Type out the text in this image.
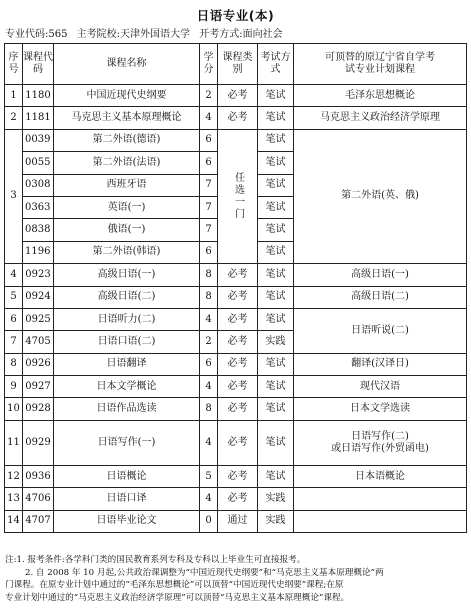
日语专业(本)
专业代码:565 主考院校:天津外国语大学 开考方式:面向社会
序号	课程代码	课程名称	学分	课程类别	考试方式	可顶替的原辽宁省自学考试专业计划课程
1	1180	中国近现代史纲要	2	必考	笔试	毛泽东思想概论
2	1181	马克思主义基本原理概论	4	必考	笔试	马克思主义政治经济学原理
3	0039	第二外语(德语)	6	任选一门	笔试	第二外语(英、俄)
	0055	第二外语(法语)	6		笔试	
	0308	西班牙语	7		笔试	
	0363	英语(一)	7		笔试	
	0838	俄语(一)	7		笔试	
	1196	第二外语(韩语)	6		笔试	
4	0923	高级日语(一)	8	必考	笔试	高级日语(一)
5	0924	高级日语(二)	8	必考	笔试	高级日语(二)
6	0925	日语听力(二)	4	必考	笔试	日语听说(二)
7	4705	日语口语(二)	2	必考	实践	
8	0926	日语翻译	6	必考	笔试	翻译(汉译日)
9	0927	日本文学概论	4	必考	笔试	现代汉语
10	0928	日语作品选读	8	必考	笔试	日本文学选读
11	0929	日语写作(一)	4	必考	笔试	日语写作(二)
或日语写作(外贸函电)

12	0936	日语概论	5	必考	笔试	日本语概论
13	4706	日语口译	4	必考	实践	
14	4707	日语毕业论文	0	通过	实践	
注:1. 报考条件:各学科门类的国民教育系列专科及专科以上毕业生可直接报考。
2. 自 2008 年 10 月起,公共政治课调整为“中国近现代史纲要”和“马克思主义基本原理概论”两
门课程。在原专业计划中通过的“毛泽东思想概论”可以顶替“中国近现代史纲要”课程;在原
专业计划中通过的“马克思主义政治经济学原理”可以顶替“马克思主义基本原理概论”课程。
